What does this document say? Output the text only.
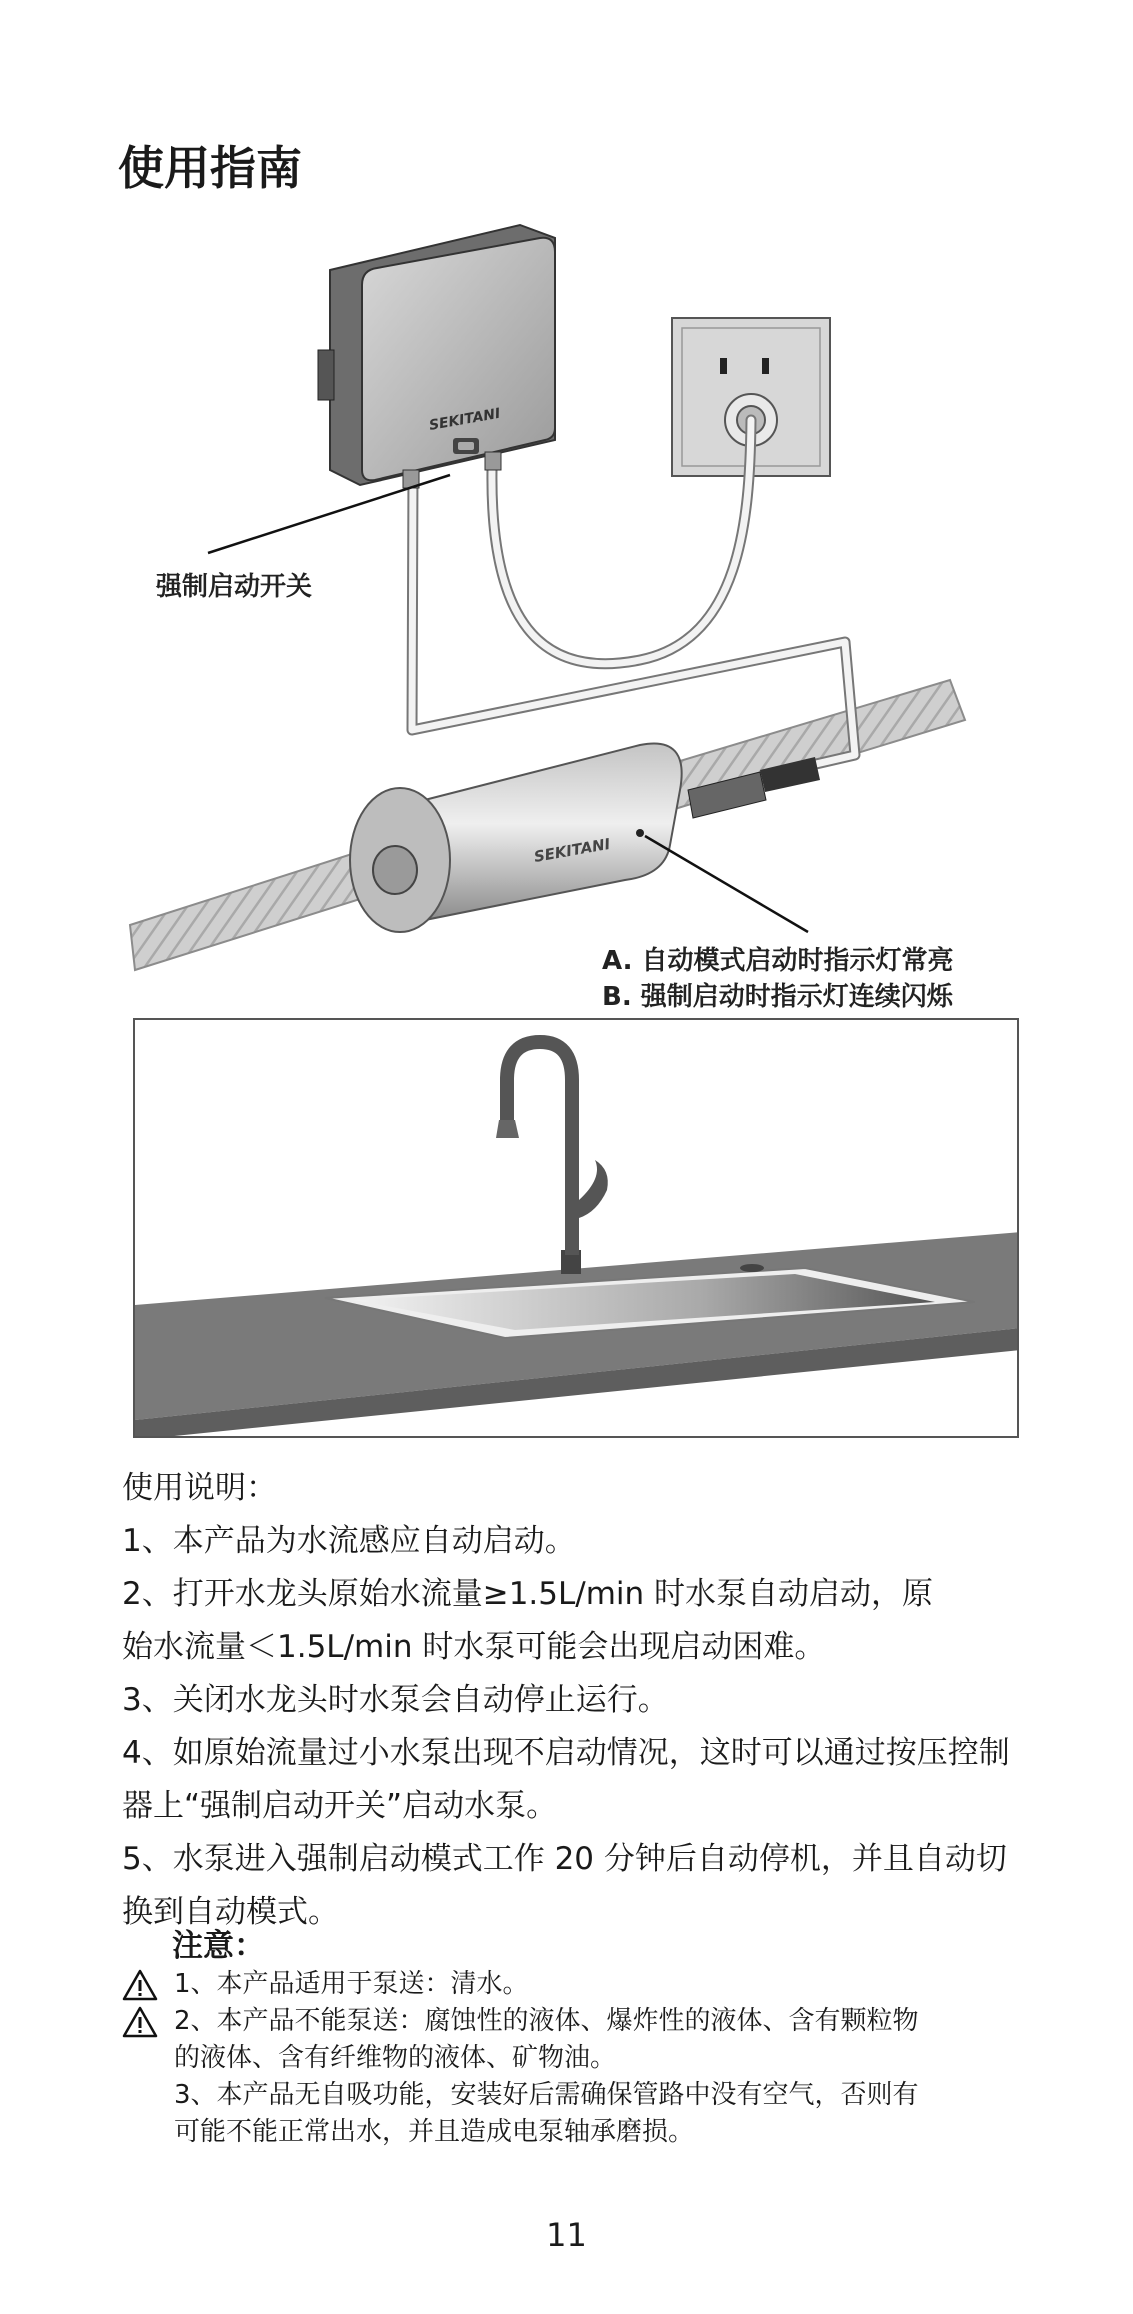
使用指南
SEKITANI
SEKITANI
强制启动开关
A. 自动模式启动时指示灯常亮
B. 强制启动时指示灯连续闪烁

使用说明：

1、本产品为水流感应自动启动。

2、打开水龙头原始水流量≥1.5L/min 时水泵自动启动，原

始水流量＜1.5L/min 时水泵可能会出现启动困难。

3、关闭水龙头时水泵会自动停止运行。

4、如原始流量过小水泵出现不启动情况，这时可以通过按压控制

器上“强制启动开关”启动水泵。

5、水泵进入强制启动模式工作 20 分钟后自动停机，并且自动切

换到自动模式。

注意：
1、本产品适用于泵送：清水。
2、本产品不能泵送：腐蚀性的液体、爆炸性的液体、含有颗粒物
的液体、含有纤维物的液体、矿物油。
3、本产品无自吸功能，安装好后需确保管路中没有空气，否则有
可能不能正常出水，并且造成电泵轴承磨损。
11
